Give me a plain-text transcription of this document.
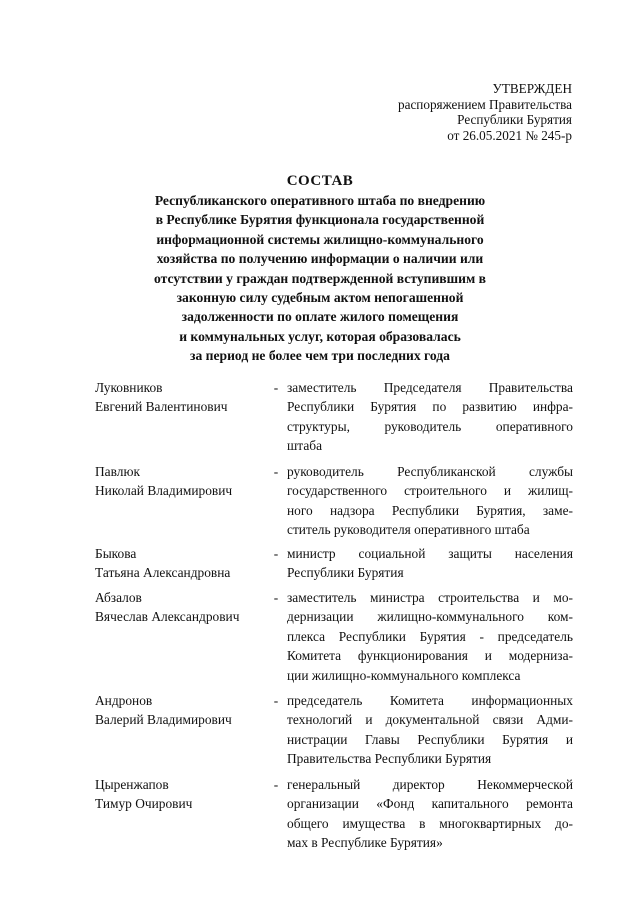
УТВЕРЖДЕН
распоряжением Правительства
Республики Бурятия
от 26.05.2021 № 245-р
СОСТАВ
Республиканского оперативного штаба по внедрению
в Республике Бурятия функционала государственной
информационной системы жилищно-коммунального
хозяйства по получению информации о наличии или
отсутствии у граждан подтвержденной вступившим в
законную силу судебным актом непогашенной
задолженности по оплате жилого помещения
и коммунальных услуг, которая образовалась
за период не более чем три последних года
Луковников
Евгений Валентинович
- заместитель Председателя Правительства
Республики Бурятия по развитию инфра-
структуры, руководитель оперативного
штаба
Павлюк
Николай Владимирович
- руководитель Республиканской службы
государственного строительного и жилищ-
ного надзора Республики Бурятия, заме-
ститель руководителя оперативного штаба
Быкова
Татьяна Александровна
- министр социальной защиты населения
Республики Бурятия
Абзалов
Вячеслав Александрович
- заместитель министра строительства и мо-
дернизации жилищно-коммунального ком-
плекса Республики Бурятия - председатель
Комитета функционирования и модерниза-
ции жилищно-коммунального комплекса
Андронов
Валерий Владимирович
- председатель Комитета информационных
технологий и документальной связи Адми-
нистрации Главы Республики Бурятия и
Правительства Республики Бурятия
Цыренжапов
Тимур Очирович
- генеральный директор Некоммерческой
организации «Фонд капитального ремонта
общего имущества в многоквартирных до-
мах в Республике Бурятия»
